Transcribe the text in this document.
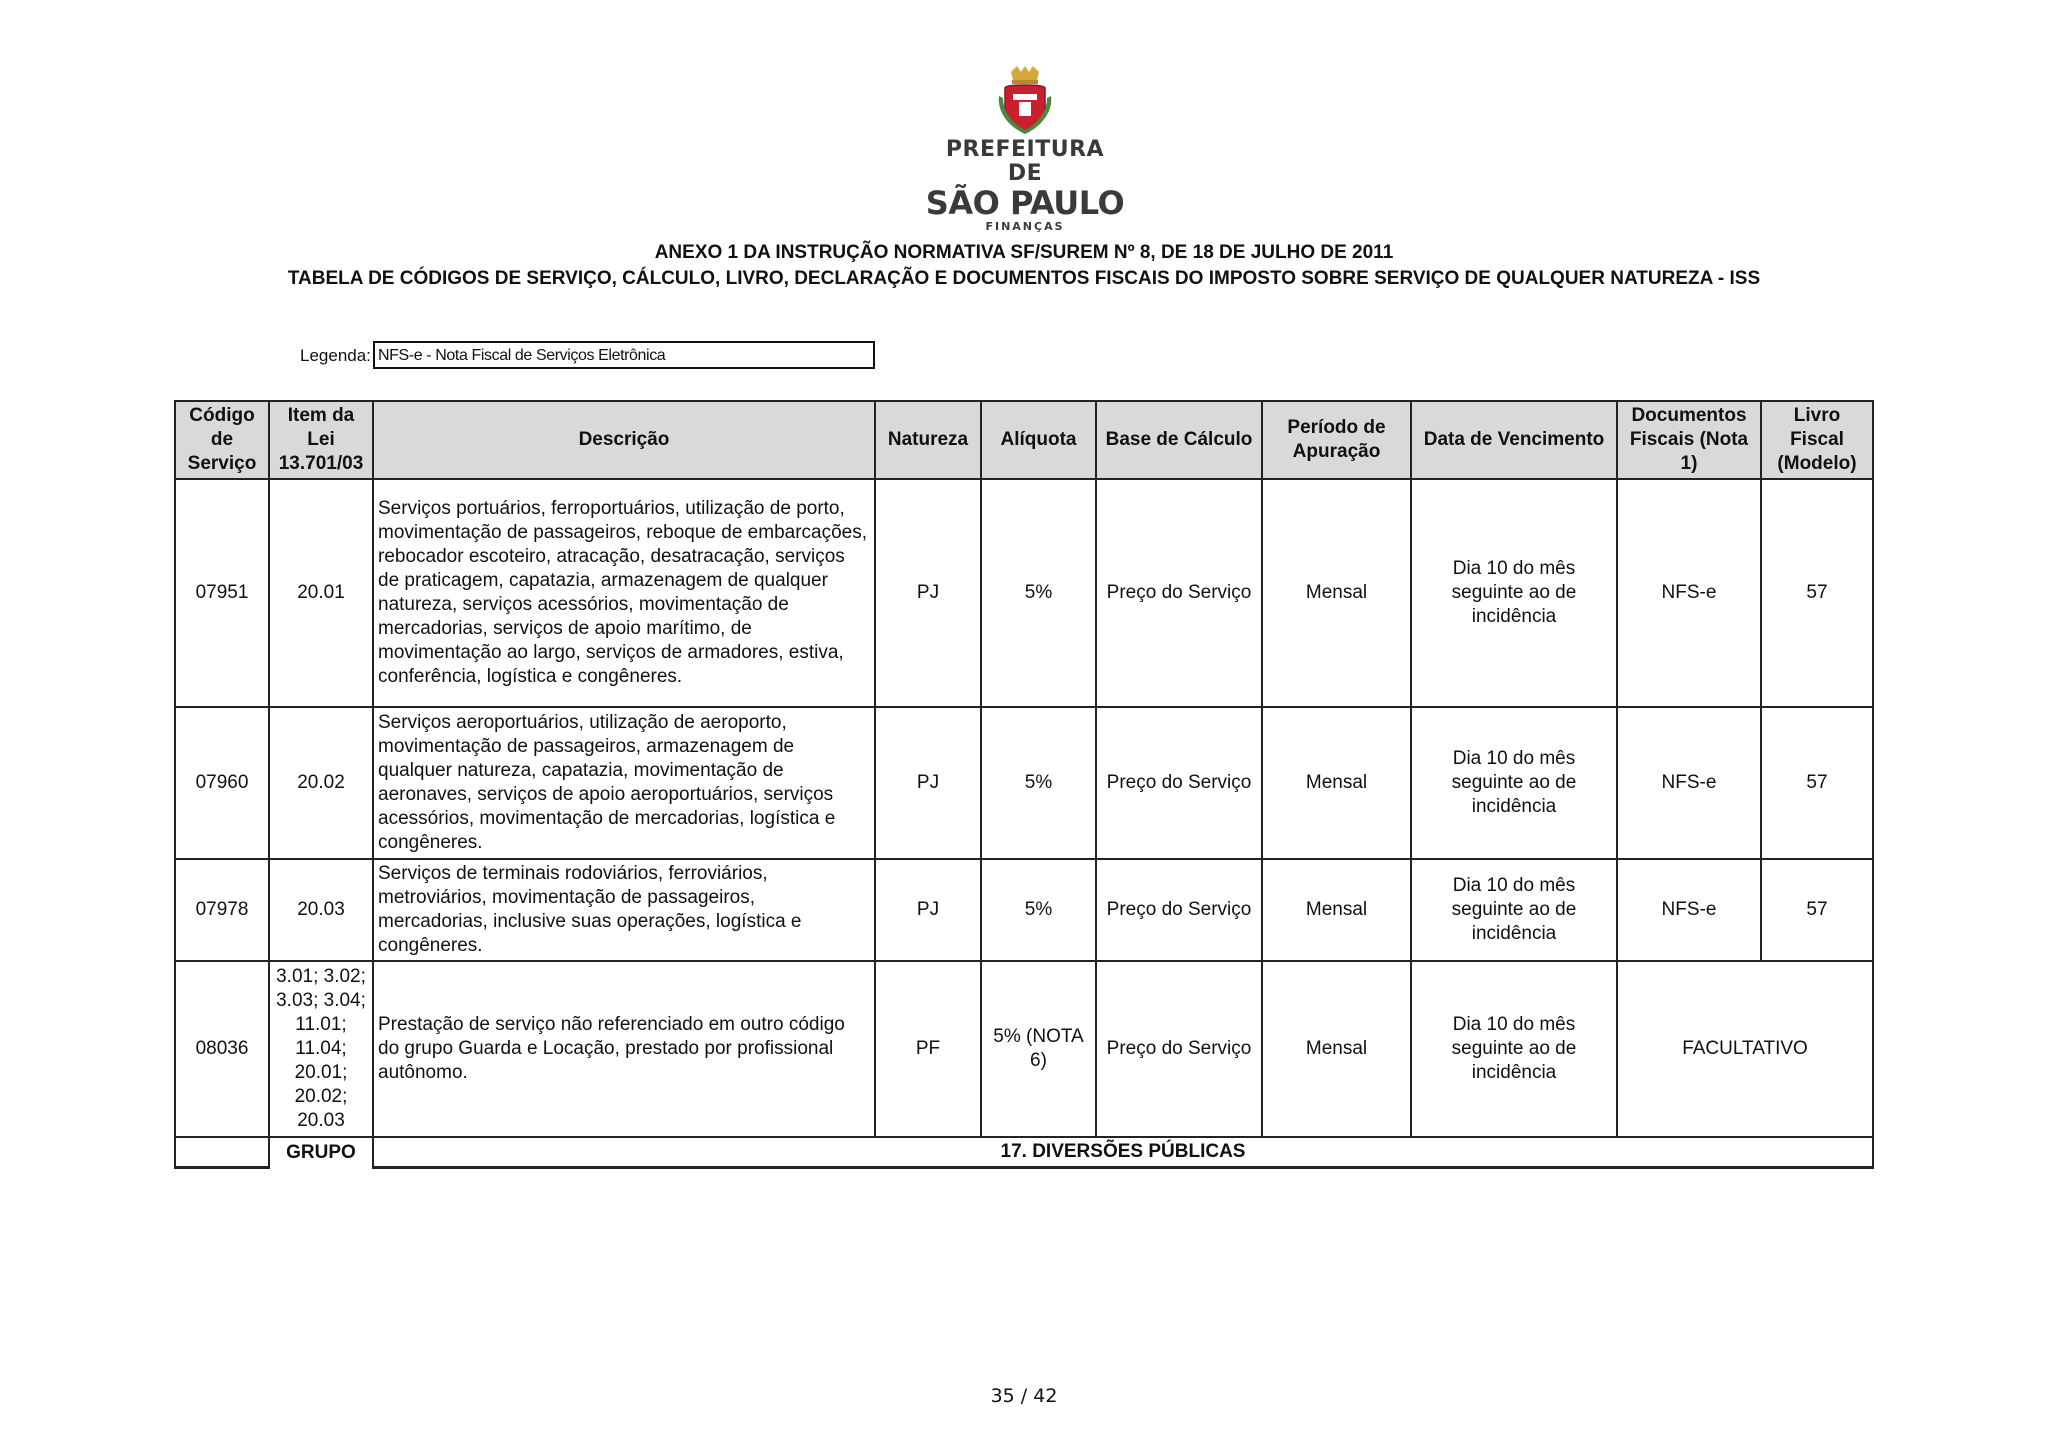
PREFEITURA DE
SÃO PAULO
FINANÇAS
ANEXO 1 DA INSTRUÇÃO NORMATIVA SF/SUREM Nº 8, DE 18 DE JULHO DE 2011
TABELA DE CÓDIGOS DE SERVIÇO, CÁLCULO, LIVRO, DECLARAÇÃO E DOCUMENTOS FISCAIS DO IMPOSTO SOBRE SERVIÇO DE QUALQUER NATUREZA - ISS
Legenda: NFS-e - Nota Fiscal de Serviços Eletrônica
Código de Serviço	Item da Lei 13.701/03	Descrição	Natureza	Alíquota	Base de Cálculo	Período de Apuração	Data de Vencimento	Documentos Fiscais (Nota 1)	Livro Fiscal (Modelo)
07951	20.01	Serviços portuários, ferroportuários, utilização de porto, movimentação de passageiros, reboque de embarcações, rebocador escoteiro, atracação, desatracação, serviços de praticagem, capatazia, armazenagem de qualquer natureza, serviços acessórios, movimentação de mercadorias, serviços de apoio marítimo, de movimentação ao largo, serviços de armadores, estiva, conferência, logística e congêneres.	PJ	5%	Preço do Serviço	Mensal	Dia 10 do mês seguinte ao de incidência	NFS-e	57
07960	20.02	Serviços aeroportuários, utilização de aeroporto, movimentação de passageiros, armazenagem de qualquer natureza, capatazia, movimentação de aeronaves, serviços de apoio aeroportuários, serviços acessórios, movimentação de mercadorias, logística e congêneres.	PJ	5%	Preço do Serviço	Mensal	Dia 10 do mês seguinte ao de incidência	NFS-e	57
07978	20.03	Serviços de terminais rodoviários, ferroviários, metroviários, movimentação de passageiros, mercadorias, inclusive suas operações, logística e congêneres.	PJ	5%	Preço do Serviço	Mensal	Dia 10 do mês seguinte ao de incidência	NFS-e	57
08036	3.01; 3.02; 3.03; 3.04; 11.01; 11.04; 20.01; 20.02; 20.03	Prestação de serviço não referenciado em outro código do grupo Guarda e Locação, prestado por profissional autônomo.	PF	5% (NOTA 6)	Preço do Serviço	Mensal	Dia 10 do mês seguinte ao de incidência	FACULTATIVO	
	GRUPO	17. DIVERSÕES PÚBLICAS							
35 / 42
